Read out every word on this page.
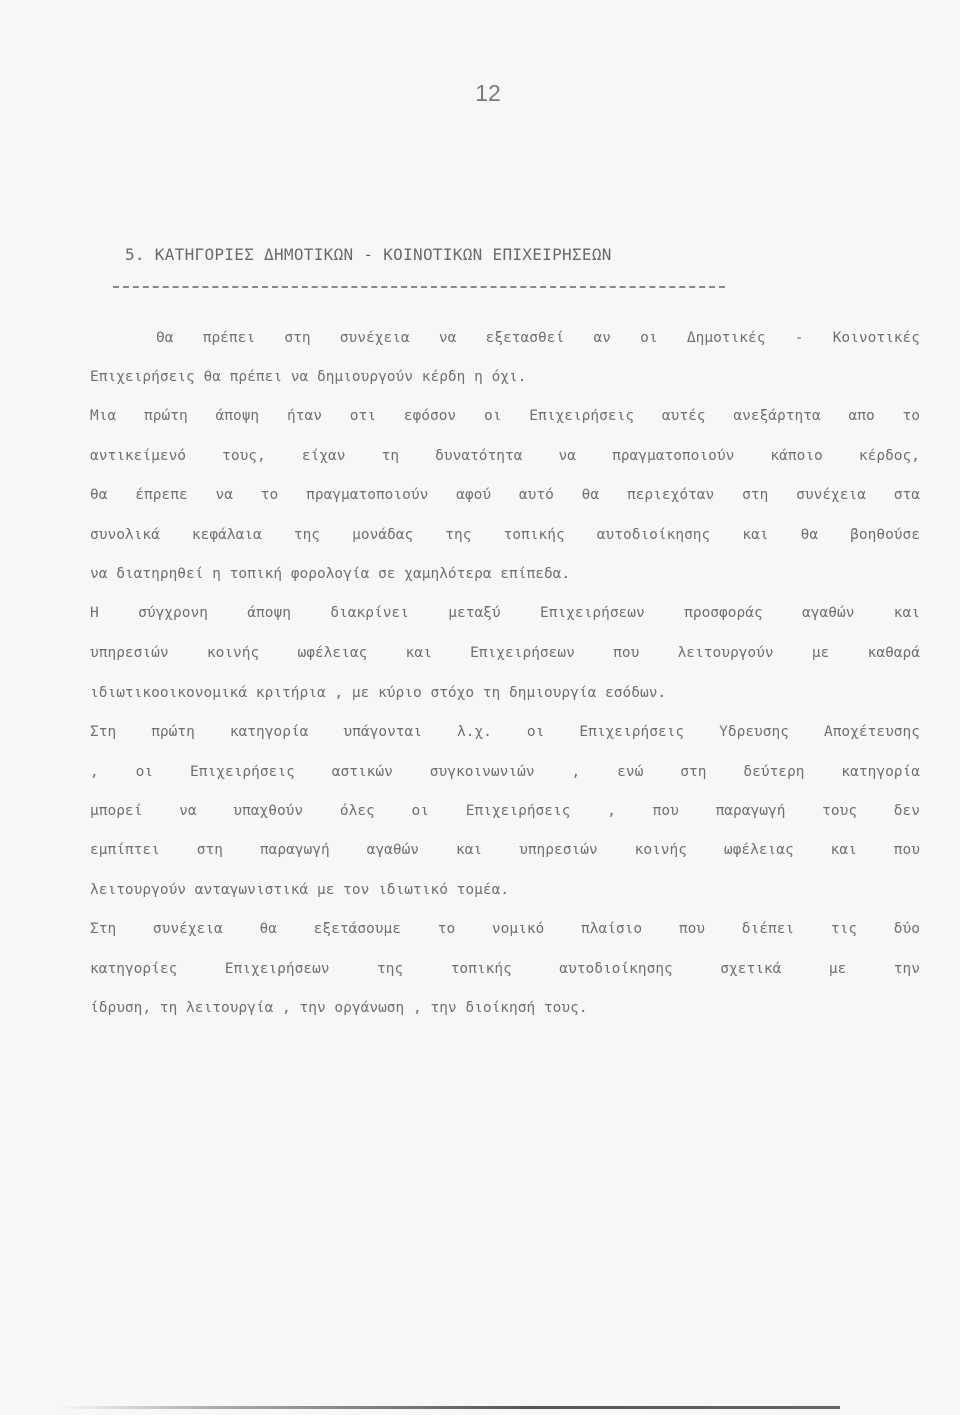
12
5. ΚΑΤΗΓΟΡΙΕΣ ΔΗΜΟΤΙΚΩΝ - ΚΟΙΝΟΤΙΚΩΝ ΕΠΙΧΕΙΡΗΣΕΩΝ
Θα πρέπει στη συνέχεια να εξετασθεί αν οι Δημοτικές - Κοινοτικές
Επιχειρήσεις θα πρέπει να δημιουργούν κέρδη η όχι.
Μια πρώτη άποψη ήταν οτι εφόσον οι Επιχειρήσεις αυτές ανεξάρτητα απο το
αντικείμενό τους, είχαν τη δυνατότητα να πραγματοποιούν κάποιο κέρδος,
θα έπρεπε να το πραγματοποιούν αφού αυτό θα περιεχόταν στη συνέχεια στα
συνολικά κεφάλαια της μονάδας της τοπικής αυτοδιοίκησης και θα βοηθούσε
να διατηρηθεί η τοπική φορολογία σε χαμηλότερα επίπεδα.
Η σύγχρονη άποψη διακρίνει μεταξύ Επιχειρήσεων προσφοράς αγαθών και
υπηρεσιών κοινής ωφέλειας και Επιχειρήσεων που λειτουργούν με καθαρά
ιδιωτικοοικονομικά κριτήρια , με κύριο στόχο τη δημιουργία εσόδων.
Στη πρώτη κατηγορία υπάγονται λ.χ. οι Επιχειρήσεις Υδρευσης Αποχέτευσης
, οι Επιχειρήσεις αστικών συγκοινωνιών , ενώ στη δεύτερη κατηγορία
μπορεί να υπαχθούν όλες οι Επιχειρήσεις , που παραγωγή τους δεν
εμπίπτει στη παραγωγή αγαθών και υπηρεσιών κοινής ωφέλειας και που
λειτουργούν ανταγωνιστικά με τον ιδιωτικό τομέα.
Στη συνέχεια θα εξετάσουμε το νομικό πλαίσιο που διέπει τις δύο
κατηγορίες Επιχειρήσεων της τοπικής αυτοδιοίκησης σχετικά με την
ίδρυση, τη λειτουργία , την οργάνωση , την διοίκησή τους.
